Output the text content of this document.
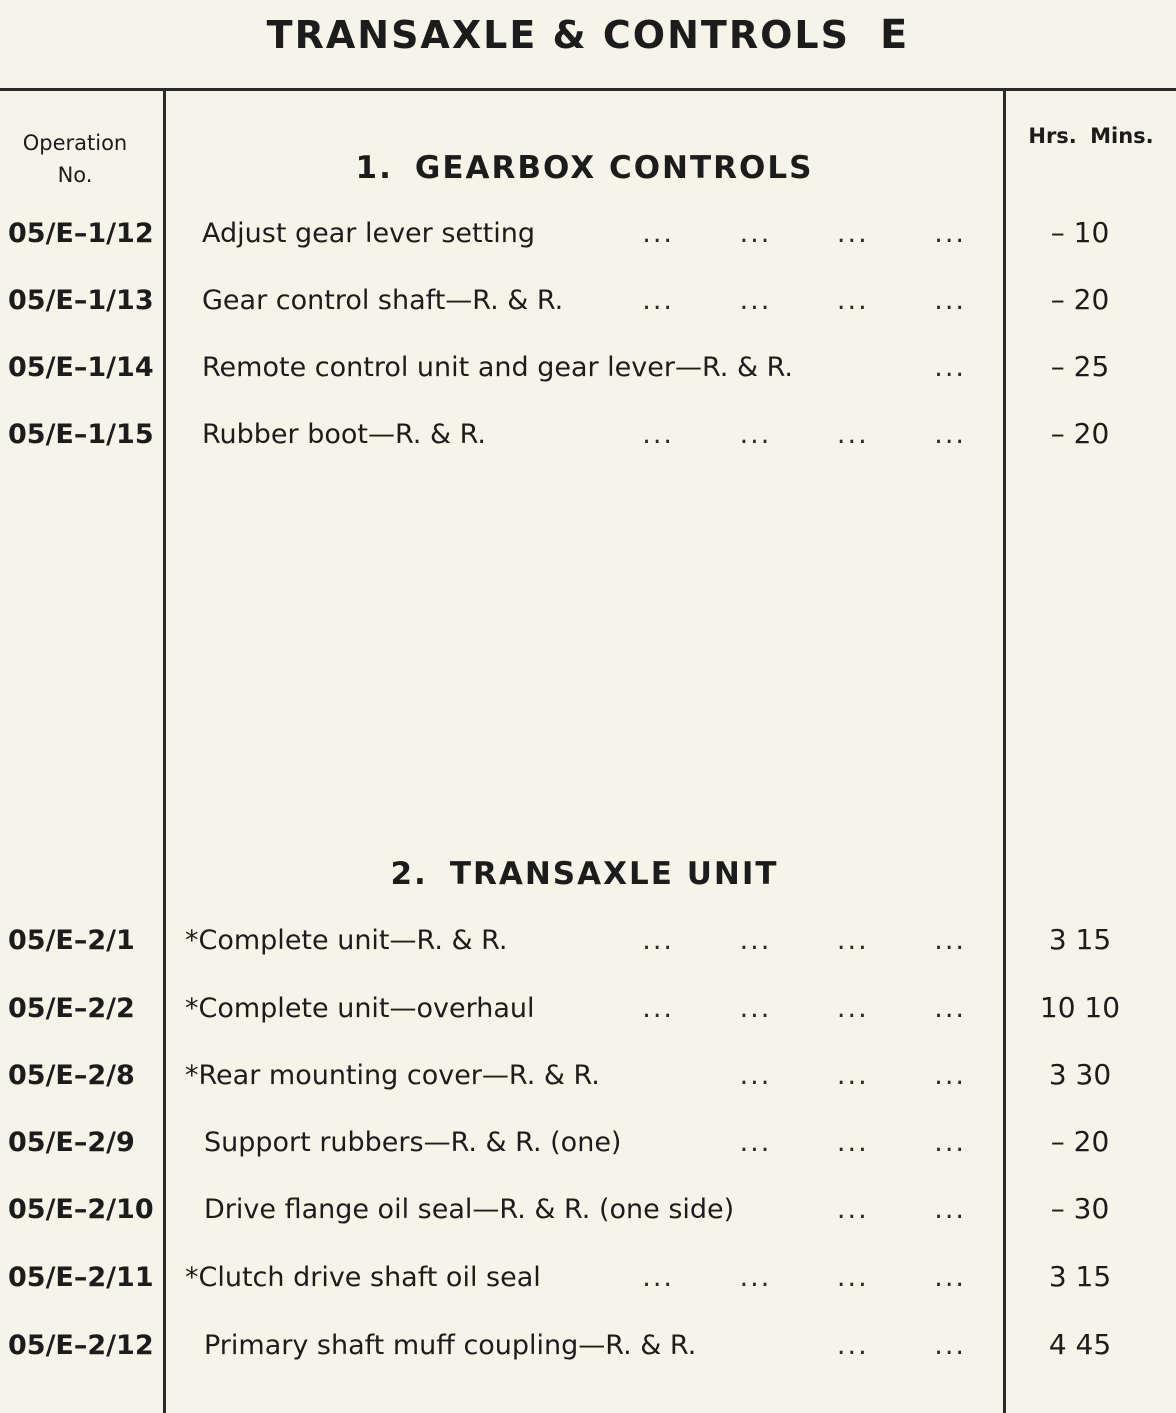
TRANSAXLE & CONTROLS E
Operation
No.
Hrs. Mins.
1. GEARBOX CONTROLS
05/E–1/12 Adjust gear lever setting	... ... ... ...	– 10
05/E–1/13 Gear control shaft—R. & R.	... ... ... ...	– 20
05/E–1/14 Remote control unit and gear lever—R. & R.	...	– 25
05/E–1/15 Rubber boot—R. & R.	... ... ... ...	– 20
2. TRANSAXLE UNIT
05/E–2/1 *Complete unit—R. & R.	... ... ... ...	3 15
05/E–2/2 *Complete unit—overhaul	... ... ... ...	10 10
05/E–2/8 *Rear mounting cover—R. & R.	... ... ...	3 30
05/E–2/9	Support rubbers—R. & R. (one)	... ... ...	– 20
05/E–2/10 Drive flange oil seal—R. & R. (one side)	... ...	– 30
05/E–2/11 *Clutch drive shaft oil seal	... ... ... ...	3 15
05/E–2/12 Primary shaft muff coupling—R. & R.	... ...	4 45
